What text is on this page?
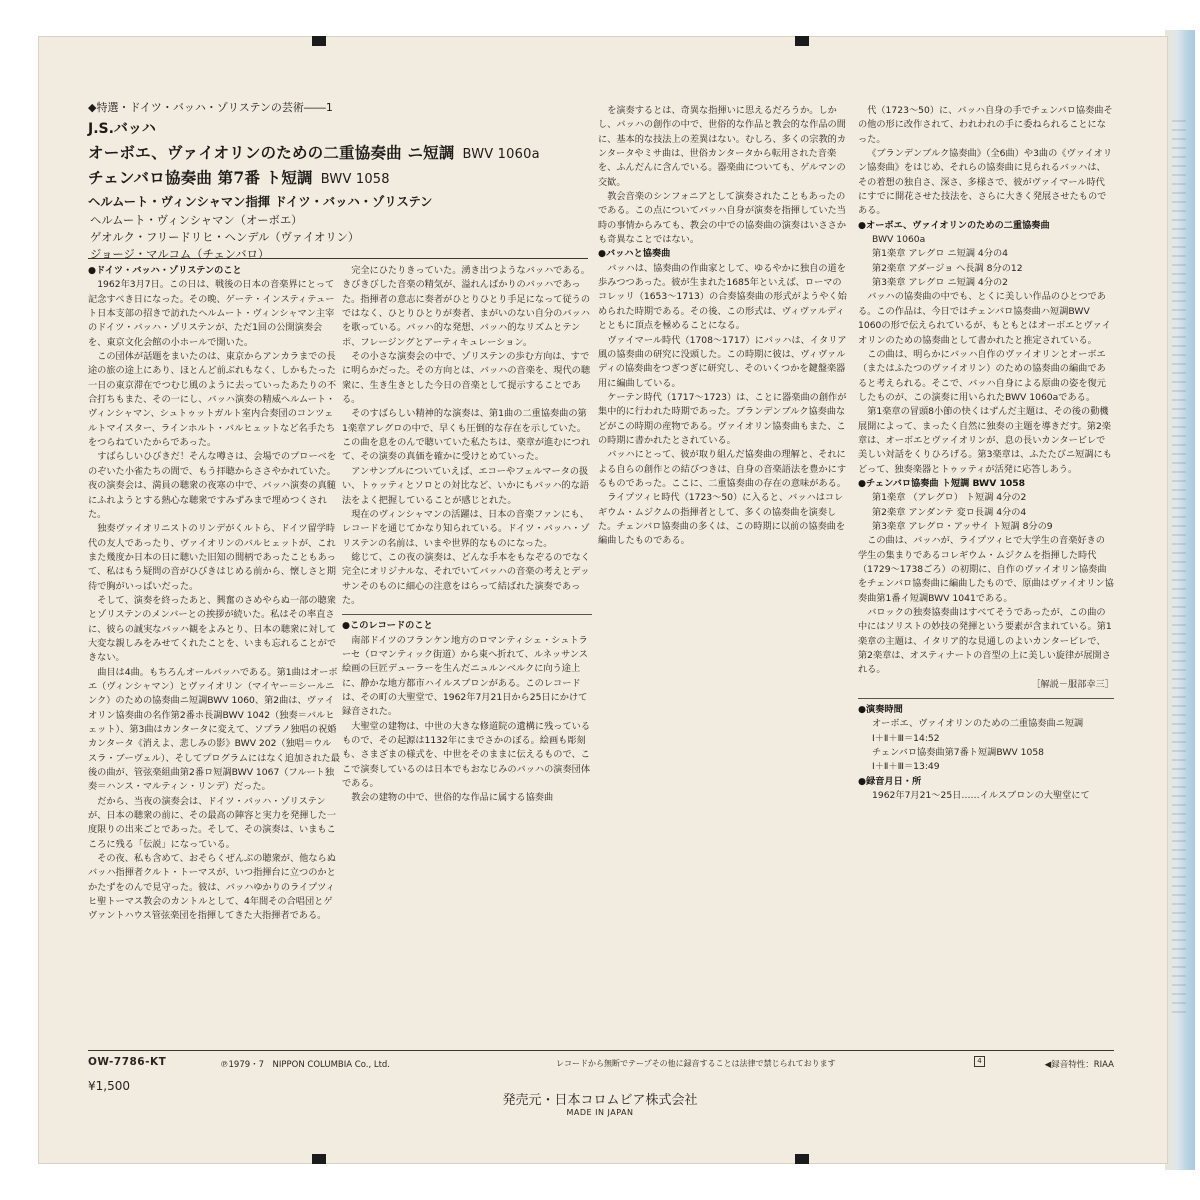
◆特選・ドイツ・バッハ・ゾリステンの芸術――1
J.S.バッハ
オーボエ、ヴァイオリンのための二重協奏曲 ニ短調 BWV 1060a
チェンバロ協奏曲 第7番 ト短調 BWV 1058
ヘルムート・ヴィンシャマン指揮 ドイツ・バッハ・ゾリステン
ヘルムート・ヴィンシャマン（オーボエ）
ゲオルク・フリードリヒ・ヘンデル（ヴァイオリン）
ジョージ・マルコム（チェンバロ）

●ドイツ・バッハ・ゾリステンのこと

1962年3月7日。この日は、戦後の日本の音楽界にとって記念すべき日になった。その晩、ゲーテ・インスティテュート日本支部の招きで訪れたヘルムート・ヴィンシャマン主宰のドイツ・バッハ・ゾリステンが、ただ1回の公開演奏会を、東京文化会館の小ホールで開いた。

この団体が話題をまいたのは、東京からアンカラまでの長途の旅の途上にあり、ほとんど前ぶれもなく、しかもたった一日の東京滞在でつむじ風のように去っていったあたりの不合打ちもまた、その一にし、バッハ演奏の精威ヘルムート・ヴィンシャマン、シュトゥットガルト室内合奏団のコンツェルトマイスター、ラインホルト・バルヒェットなど名手たちをつらねていたからであった。

すばらしいひびきだ！そんな噂さは、会場でのプローベをのぞいた小雀たちの間で、もう拝聴からささやかれていた。夜の演奏会は、満員の聴衆の夜寒の中で、バッハ演奏の真髄にふれようとする熱心な聴衆ですみずみまで埋めつくされた。

独奏ヴァイオリニストのリンデがくルトら、ドイツ留学時代の友人であったり、ヴァイオリンのバルヒェットが、これまた幾度か日本の日に聴いた旧知の間柄であったこともあって、私はもう疑問の音がひびきはじめる前から、懐しさと期待で胸がいっぱいだった。

そして、演奏を終ったあと、興奮のさめやらぬ一部の聴衆とゾリステンのメンバーとの挨拶が続いた。私はその率直さに、彼らの誠実なバッハ観をよみとり、日本の聴衆に対して大変な親しみをみせてくれたことを、いまも忘れることができない。

曲目は4曲。もちろんオールバッハである。第1曲はオーボエ（ヴィンシャマン）とヴァイオリン（マイヤー＝シールニンク）のための協奏曲ニ短調BWV 1060、第2曲は、ヴァイオリン協奏曲の名作第2番ホ長調BWV 1042（独奏＝バルヒェット）、第3曲はカンタータに変えて、ソプラノ独唱の祝婚カンタータ《消えよ、悲しみの影》BWV 202（独唱＝ウルスラ・ブーヴェル）、そしてプログラムにはなく追加された最後の曲が、管弦楽組曲第2番ロ短調BWV 1067（フルート独奏＝ハンス・マルティン・リンデ）だった。

だから、当夜の演奏会は、ドイツ・バッハ・ゾリステンが、日本の聴衆の前に、その最高の陣容と実力を発揮した一度限りの出来ごとであった。そして、その演奏は、いまもこころに残る「伝説」になっている。

その夜、私も含めて、おそらくぜんぶの聴衆が、他ならぬバッハ指揮者クルト・トーマスが、いつ指揮台に立つのかとかたずをのんで見守った。彼は、バッハゆかりのライプツィヒ聖トーマス教会のカントルとして、4年間その合唱団とゲヴァントハウス管弦楽団を指揮してきた大指揮者である。

完全にひたりきっていた。湧き出つようなバッハである。きびきびした音楽の精気が、溢れんばかりのバッハであった。指揮者の意志に奏者がひとりひとり手足になって従うのではなく、ひとりひとりが奏者、まがいのない自分のバッハを歌っている。バッハ的な発想、バッハ的なリズムとテンポ、フレージングとアーティキュレーション。

その小さな演奏会の中で、ゾリステンの歩む方向は、すでに明らかだった。その方向とは、バッハの音楽を、現代の聴衆に、生き生きとした今日の音楽として提示することである。

そのすばらしい精神的な演奏は、第1曲の二重協奏曲の第1楽章アレグロの中で、早くも圧倒的な存在を示していた。この曲を息をのんで聴いていた私たちは、楽章が進むにつれて、その演奏の真価を確かに受けとめていった。

アンサンブルについていえば、エコーやフェルマータの扱い、トゥッティとソロとの対比など、いかにもバッハ的な語法をよく把握していることが感じとれた。

現在のヴィンシャマンの活躍は、日本の音楽ファンにも、レコードを通じてかなり知られている。ドイツ・バッハ・ゾリステンの名前は、いまや世界的なものになった。

総じて、この夜の演奏は、どんな手本をもなぞるのでなく完全にオリジナルな、それでいてバッハの音楽の考えとデッサンそのものに細心の注意をはらって結ばれた演奏であった。

●このレコードのこと

南部ドイツのフランケン地方のロマンティシェ・シュトラーセ（ロマンティック街道）から東へ折れて、ルネッサンス絵画の巨匠デューラーを生んだニュルンベルクに向う途上に、静かな地方都市ハイルスブロンがある。このレコードは、その町の大聖堂で、1962年7月21日から25日にかけて録音された。

大聖堂の建物は、中世の大きな修道院の遺構に残っているもので、その起源は1132年にまでさかのぼる。絵画も彫刻も、さまざまの様式を、中世をそのままに伝えるもので、ここで演奏しているのは日本でもおなじみのバッハの演奏団体である。

教会の建物の中で、世俗的な作品に属する協奏曲

を演奏するとは、奇異な指揮いに思えるだろうか。しかし、バッハの創作の中で、世俗的な作品と教会的な作品の間に、基本的な技法上の差異はない。むしろ、多くの宗教的カンタータやミサ曲は、世俗カンタータから転用された音楽を、ふんだんに含んでいる。器楽曲についても、ゲルマンの交歓。

教会音楽のシンフォニアとして演奏されたこともあったのである。この点についてバッハ自身が演奏を指揮していた当時の事情からみても、教会の中での協奏曲の演奏はいささかも奇異なことではない。

●バッハと協奏曲

バッハは、協奏曲の作曲家として、ゆるやかに独自の道を歩みつつあった。彼が生まれた1685年といえば、ローマのコレッリ（1653～1713）の合奏協奏曲の形式がようやく始められた時期である。その後、この形式は、ヴィヴァルディとともに頂点を極めることになる。

ヴァイマール時代（1708～1717）にバッハは、イタリア風の協奏曲の研究に没頭した。この時期に彼は、ヴィヴァルディの協奏曲をつぎつぎに研究し、そのいくつかを鍵盤楽器用に編曲している。

ケーテン時代（1717～1723）は、ことに器楽曲の創作が集中的に行われた時期であった。ブランデンブルク協奏曲などがこの時期の産物である。ヴァイオリン協奏曲もまた、この時期に書かれたとされている。

バッハにとって、彼が取り組んだ協奏曲の理解と、それによる自らの創作との結びつきは、自身の音楽語法を豊かにするものであった。ここに、二重協奏曲の存在の意味がある。

ライプツィヒ時代（1723～50）に入ると、バッハはコレギウム・ムジクムの指揮者として、多くの協奏曲を演奏した。チェンバロ協奏曲の多くは、この時期に以前の協奏曲を編曲したものである。

代（1723～50）に、バッハ自身の手でチェンバロ協奏曲その他の形に改作されて、われわれの手に委ねられることになった。

《ブランデンブルク協奏曲》（全6曲）や3曲の《ヴァイオリン協奏曲》をはじめ、それらの協奏曲に見られるバッハは、その着想の独自さ、深さ、多様さで、彼がヴァイマール時代にすでに開花させた技法を、さらに大きく発展させたものである。

●オーボエ、ヴァイオリンのための二重協奏曲

BWV 1060a

第1楽章 アレグロ ニ短調 4分の4

第2楽章 アダージョ ヘ長調 8分の12

第3楽章 アレグロ ニ短調 4分の2

バッハの協奏曲の中でも、とくに美しい作品のひとつである。この作品は、今日ではチェンバロ協奏曲ハ短調BWV 1060の形で伝えられているが、もともとはオーボエとヴァイオリンのための協奏曲として書かれたと推定されている。

この曲は、明らかにバッハ自作のヴァイオリンとオーボエ（またはふたつのヴァイオリン）のための協奏曲の編曲であると考えられる。そこで、バッハ自身による原曲の姿を復元したものが、この演奏に用いられたBWV 1060aである。

第1楽章の冒頭8小節の快くはずんだ主題は、その後の動機展開によって、まったく自然に独奏の主題を導きだす。第2楽章は、オーボエとヴァイオリンが、息の長いカンタービレで美しい対話をくりひろげる。第3楽章は、ふたたびニ短調にもどって、独奏楽器とトゥッティが活発に応答しあう。

●チェンバロ協奏曲 ト短調 BWV 1058

第1楽章 （アレグロ） ト短調 4分の2

第2楽章 アンダンテ 変ロ長調 4分の4

第3楽章 アレグロ・アッサイ ト短調 8分の9

この曲は、バッハが、ライプツィヒで大学生の音楽好きの学生の集まりであるコレギウム・ムジクムを指揮した時代（1729～1738ごろ）の初期に、自作のヴァイオリン協奏曲をチェンバロ協奏曲に編曲したもので、原曲はヴァイオリン協奏曲第1番イ短調BWV 1041である。

バロックの独奏協奏曲はすべてそうであったが、この曲の中にはソリストの妙技の発揮という要素が含まれている。第1楽章の主題は、イタリア的な見通しのよいカンタービレで、第2楽章は、オスティナートの音型の上に美しい旋律が展開される。

［解説－服部幸三］

●演奏時間

オーボエ、ヴァイオリンのための二重協奏曲ニ短調

Ⅰ＋Ⅱ＋Ⅲ＝14:52

チェンバロ協奏曲第7番ト短調BWV 1058

Ⅰ＋Ⅱ＋Ⅲ＝13:49

●録音月日・所

1962年7月21～25日……イルスブロンの大聖堂にて

OW-7786-KT	℗1979・7　NIPPON COLUMBIA Co., Ltd.	レコードから無断でテープその他に録音することは法律で禁じられております	4	◀録音特性：RIAA
¥1,500
発売元・日本コロムビア株式会社
MADE IN JAPAN
